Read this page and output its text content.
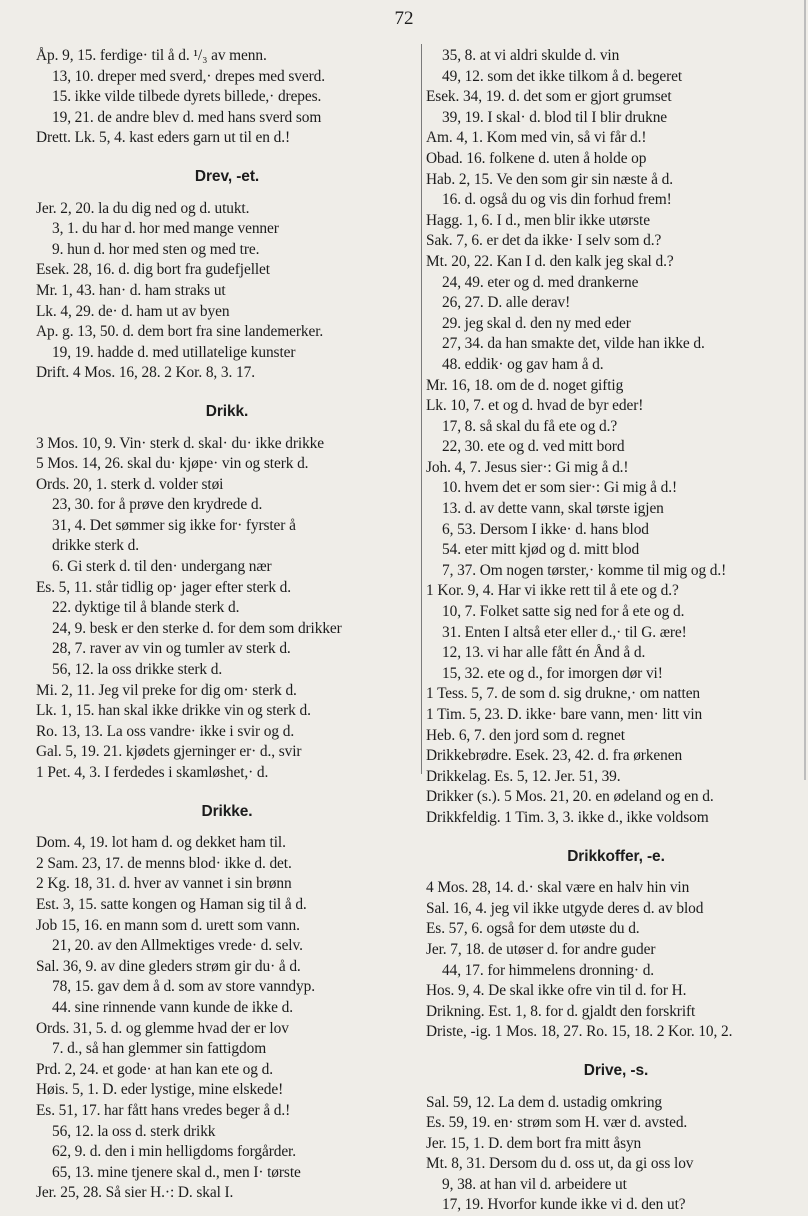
72
Åp. 9, 15. ferdige· til å d. ¹/₃ av menn.
13, 10. dreper med sverd,· drepes med sverd.
15. ikke vilde tilbede dyrets billede,· drepes.
19, 21. de andre blev d. med hans sverd som
Drett. Lk. 5, 4. kast eders garn ut til en d.!
Drev, -et.
Jer. 2, 20. la du dig ned og d. utukt.
3, 1. du har d. hor med mange venner
9. hun d. hor med sten og med tre.
Esek. 28, 16. d. dig bort fra gudefjellet
Mr. 1, 43. han· d. ham straks ut
Lk. 4, 29. de· d. ham ut av byen
Ap. g. 13, 50. d. dem bort fra sine landemerker.
19, 19. hadde d. med utillatelige kunster
Drift. 4 Mos. 16, 28. 2 Kor. 8, 3. 17.
Drikk.
3 Mos. 10, 9. Vin· sterk d. skal· du· ikke drikke
5 Mos. 14, 26. skal du· kjøpe· vin og sterk d.
Ords. 20, 1. sterk d. volder støi
23, 30. for å prøve den krydrede d.
31, 4. Det sømmer sig ikke for· fyrster å
drikke sterk d.
6. Gi sterk d. til den· undergang nær
Es. 5, 11. står tidlig op· jager efter sterk d.
22. dyktige til å blande sterk d.
24, 9. besk er den sterke d. for dem som drikker
28, 7. raver av vin og tumler av sterk d.
56, 12. la oss drikke sterk d.
Mi. 2, 11. Jeg vil preke for dig om· sterk d.
Lk. 1, 15. han skal ikke drikke vin og sterk d.
Ro. 13, 13. La oss vandre· ikke i svir og d.
Gal. 5, 19. 21. kjødets gjerninger er· d., svir
1 Pet. 4, 3. I ferdedes i skamløshet,· d.
Drikke.
Dom. 4, 19. lot ham d. og dekket ham til.
2 Sam. 23, 17. de menns blod· ikke d. det.
2 Kg. 18, 31. d. hver av vannet i sin brønn
Est. 3, 15. satte kongen og Haman sig til å d.
Job 15, 16. en mann som d. urett som vann.
21, 20. av den Allmektiges vrede· d. selv.
Sal. 36, 9. av dine gleders strøm gir du· å d.
78, 15. gav dem å d. som av store vanndyp.
44. sine rinnende vann kunde de ikke d.
Ords. 31, 5. d. og glemme hvad der er lov
7. d., så han glemmer sin fattigdom
Prd. 2, 24. et gode· at han kan ete og d.
Høis. 5, 1. D. eder lystige, mine elskede!
Es. 51, 17. har fått hans vredes beger å d.!
56, 12. la oss d. sterk drikk
62, 9. d. den i min helligdoms forgårder.
65, 13. mine tjenere skal d., men I· tørste
Jer. 25, 28. Så sier H.·: D. skal I.
35, 8. at vi aldri skulde d. vin
49, 12. som det ikke tilkom å d. begeret
Esek. 34, 19. d. det som er gjort grumset
39, 19. I skal· d. blod til I blir drukne
Am. 4, 1. Kom med vin, så vi får d.!
Obad. 16. folkene d. uten å holde op
Hab. 2, 15. Ve den som gir sin næste å d.
16. d. også du og vis din forhud frem!
Hagg. 1, 6. I d., men blir ikke utørste
Sak. 7, 6. er det da ikke· I selv som d.?
Mt. 20, 22. Kan I d. den kalk jeg skal d.?
24, 49. eter og d. med drankerne
26, 27. D. alle derav!
29. jeg skal d. den ny med eder
27, 34. da han smakte det, vilde han ikke d.
48. eddik· og gav ham å d.
Mr. 16, 18. om de d. noget giftig
Lk. 10, 7. et og d. hvad de byr eder!
17, 8. så skal du få ete og d.?
22, 30. ete og d. ved mitt bord
Joh. 4, 7. Jesus sier·: Gi mig å d.!
10. hvem det er som sier·: Gi mig å d.!
13. d. av dette vann, skal tørste igjen
6, 53. Dersom I ikke· d. hans blod
54. eter mitt kjød og d. mitt blod
7, 37. Om nogen tørster,· komme til mig og d.!
1 Kor. 9, 4. Har vi ikke rett til å ete og d.?
10, 7. Folket satte sig ned for å ete og d.
31. Enten I altså eter eller d.,· til G. ære!
12, 13. vi har alle fått én Ånd å d.
15, 32. ete og d., for imorgen dør vi!
1 Tess. 5, 7. de som d. sig drukne,· om natten
1 Tim. 5, 23. D. ikke· bare vann, men· litt vin
Heb. 6, 7. den jord som d. regnet
Drikkebrødre. Esek. 23, 42. d. fra ørkenen
Drikkelag. Es. 5, 12. Jer. 51, 39.
Drikker (s.). 5 Mos. 21, 20. en ødeland og en d.
Drikkfeldig. 1 Tim. 3, 3. ikke d., ikke voldsom
Drikkoffer, -e.
4 Mos. 28, 14. d.· skal være en halv hin vin
Sal. 16, 4. jeg vil ikke utgyde deres d. av blod
Es. 57, 6. også for dem utøste du d.
Jer. 7, 18. de utøser d. for andre guder
44, 17. for himmelens dronning· d.
Hos. 9, 4. De skal ikke ofre vin til d. for H.
Drikning. Est. 1, 8. for d. gjaldt den forskrift
Driste, -ig. 1 Mos. 18, 27. Ro. 15, 18. 2 Kor. 10, 2.
Drive, -s.
Sal. 59, 12. La dem d. ustadig omkring
Es. 59, 19. en· strøm som H. vær d. avsted.
Jer. 15, 1. D. dem bort fra mitt åsyn
Mt. 8, 31. Dersom du d. oss ut, da gi oss lov
9, 38. at han vil d. arbeidere ut
17, 19. Hvorfor kunde ikke vi d. den ut?
